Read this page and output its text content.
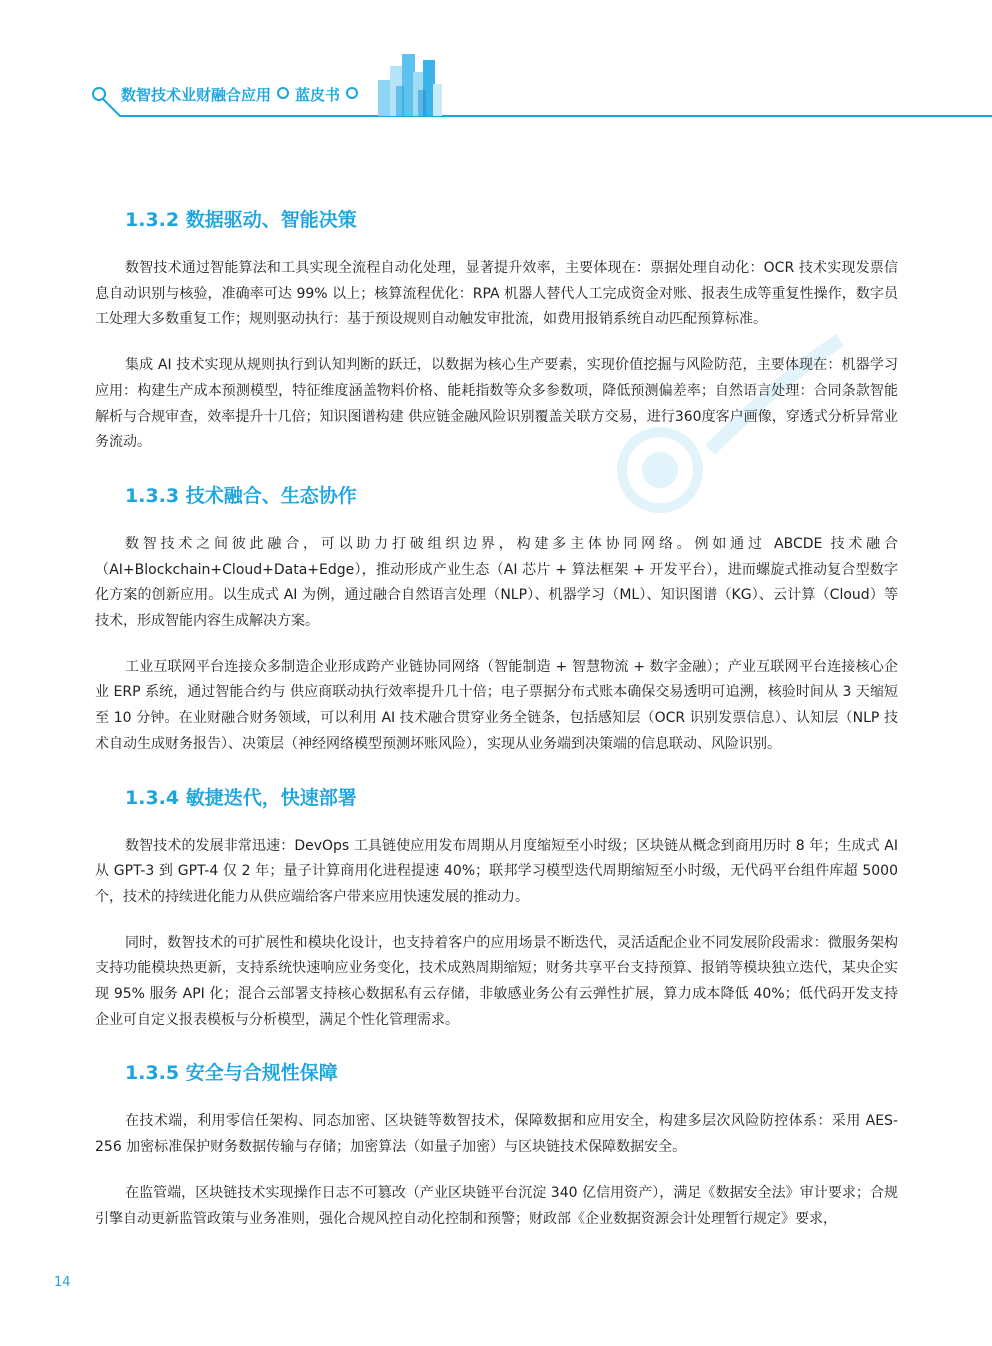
数智技术业财融合应用 蓝皮书
1.3.2 数据驱动、智能决策

数智技术通过智能算法和工具实现全流程自动化处理，显著提升效率，主要体现在：票据处理自动化：OCR 技术实现发票信息自动识别与核验，准确率可达 99% 以上；核算流程优化：RPA 机器人替代人工完成资金对账、报表生成等重复性操作，数字员工处理大多数重复工作；规则驱动执行：基于预设规则自动触发审批流，如费用报销系统自动匹配预算标准。

集成 AI 技术实现从规则执行到认知判断的跃迁，以数据为核心生产要素，实现价值挖掘与风险防范，主要体现在：机器学习应用：构建生产成本预测模型，特征维度涵盖物料价格、能耗指数等众多参数项，降低预测偏差率；自然语言处理：合同条款智能解析与合规审查，效率提升十几倍；知识图谱构建 供应链金融风险识别覆盖关联方交易，进行360度客户画像，穿透式分析异常业务流动。

1.3.3 技术融合、生态协作

数智技术之间彼此融合，可以助力打破组织边界，构建多主体协同网络。例如通过 ABCDE 技术融合（AI+Blockchain+Cloud+Data+Edge），推动形成产业生态（AI 芯片 + 算法框架 + 开发平台），进而螺旋式推动复合型数字化方案的创新应用。以生成式 AI 为例，通过融合自然语言处理（NLP）、机器学习（ML）、知识图谱（KG）、云计算（Cloud）等技术，形成智能内容生成解决方案。

工业互联网平台连接众多制造企业形成跨产业链协同网络（智能制造 + 智慧物流 + 数字金融）；产业互联网平台连接核心企业 ERP 系统，通过智能合约与 供应商联动执行效率提升几十倍；电子票据分布式账本确保交易透明可追溯，核验时间从 3 天缩短至 10 分钟。在业财融合财务领域，可以利用 AI 技术融合贯穿业务全链条，包括感知层（OCR 识别发票信息）、认知层（NLP 技术自动生成财务报告）、决策层（神经网络模型预测坏账风险），实现从业务端到决策端的信息联动、风险识别。

1.3.4 敏捷迭代，快速部署

数智技术的发展非常迅速：DevOps 工具链使应用发布周期从月度缩短至小时级；区块链从概念到商用历时 8 年；生成式 AI 从 GPT-3 到 GPT-4 仅 2 年；量子计算商用化进程提速 40%；联邦学习模型迭代周期缩短至小时级，无代码平台组件库超 5000 个，技术的持续进化能力从供应端给客户带来应用快速发展的推动力。

同时，数智技术的可扩展性和模块化设计，也支持着客户的应用场景不断迭代，灵活适配企业不同发展阶段需求：微服务架构支持功能模块热更新，支持系统快速响应业务变化，技术成熟周期缩短；财务共享平台支持预算、报销等模块独立迭代，某央企实现 95% 服务 API 化；混合云部署支持核心数据私有云存储，非敏感业务公有云弹性扩展，算力成本降低 40%；低代码开发支持企业可自定义报表模板与分析模型，满足个性化管理需求。

1.3.5 安全与合规性保障

在技术端，利用零信任架构、同态加密、区块链等数智技术，保障数据和应用安全，构建多层次风险防控体系：采用 AES-256 加密标准保护财务数据传输与存储；加密算法（如量子加密）与区块链技术保障数据安全。

在监管端，区块链技术实现操作日志不可篡改（产业区块链平台沉淀 340 亿信用资产），满足《数据安全法》审计要求；合规引擎自动更新监管政策与业务准则，强化合规风控自动化控制和预警；财政部《企业数据资源会计处理暂行规定》要求，

14
